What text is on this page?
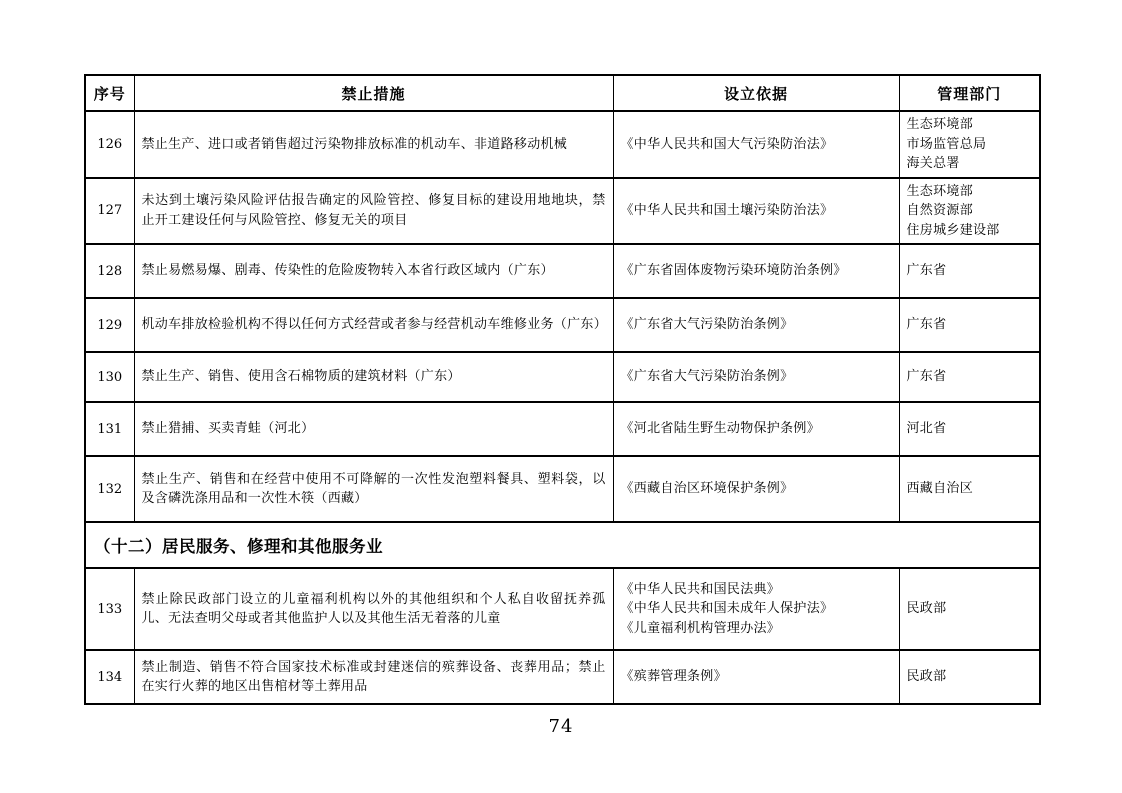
序号	禁止措施	设立依据	管理部门
126	禁止生产、进口或者销售超过污染物排放标准的机动车、非道路移动机械	《中华人民共和国大气污染防治法》	生态环境部
市场监管总局
海关总署

127	未达到土壤污染风险评估报告确定的风险管控、修复目标的建设用地地块，禁止开工建设任何与风险管控、修复无关的项目	《中华人民共和国土壤污染防治法》	生态环境部
自然资源部
住房城乡建设部

128	禁止易燃易爆、剧毒、传染性的危险废物转入本省行政区域内（广东）	《广东省固体废物污染环境防治条例》	广东省

129	机动车排放检验机构不得以任何方式经营或者参与经营机动车维修业务（广东）	《广东省大气污染防治条例》	广东省

130	禁止生产、销售、使用含石棉物质的建筑材料（广东）	《广东省大气污染防治条例》	广东省

131	禁止猎捕、买卖青蛙（河北）	《河北省陆生野生动物保护条例》	河北省

132	禁止生产、销售和在经营中使用不可降解的一次性发泡塑料餐具、塑料袋，以及含磷洗涤用品和一次性木筷（西藏）	《西藏自治区环境保护条例》	西藏自治区

（十二）居民服务、修理和其他服务业			
133	禁止除民政部门设立的儿童福利机构以外的其他组织和个人私自收留抚养孤儿、无法查明父母或者其他监护人以及其他生活无着落的儿童	《中华人民共和国民法典》
《中华人民共和国未成年人保护法》
《儿童福利机构管理办法》	民政部

134	禁止制造、销售不符合国家技术标准或封建迷信的殡葬设备、丧葬用品；禁止在实行火葬的地区出售棺材等土葬用品	《殡葬管理条例》	民政部
74
